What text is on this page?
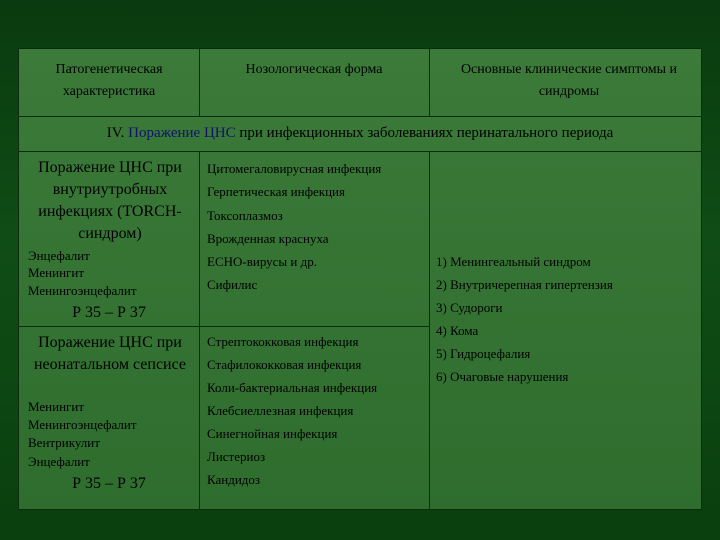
Патогенетическая характеристика
Нозологическая форма	Основные клинические симптомы и синдромы
IV. Поражение ЦНС при инфекционных заболеваниях перинатального периода
Поражение ЦНС при внутриутробных инфекциях (TORCH-синдром)
Энцефалит
Менингит
Менингоэнцефалит
Р 35 – Р 37
Цитомегаловирусная инфекция
Герпетическая инфекция
Токсоплазмоз
Врожденная краснуха
ЕСНО-вирусы и др.
Сифилис
Поражение ЦНС при неонатальном сепсисе
Менингит
Менингоэнцефалит
Вентрикулит
Энцефалит
Р 35 – Р 37
Стрептококковая инфекция
Стафилококковая инфекция
Коли-бактериальная инфекция
Клебсиеллезная инфекция
Синегнойная инфекция
Листериоз
Кандидоз
1) Менингеальный синдром
2) Внутричерепная гипертензия
3) Судороги
4) Кома
5) Гидроцефалия
6) Очаговые нарушения
